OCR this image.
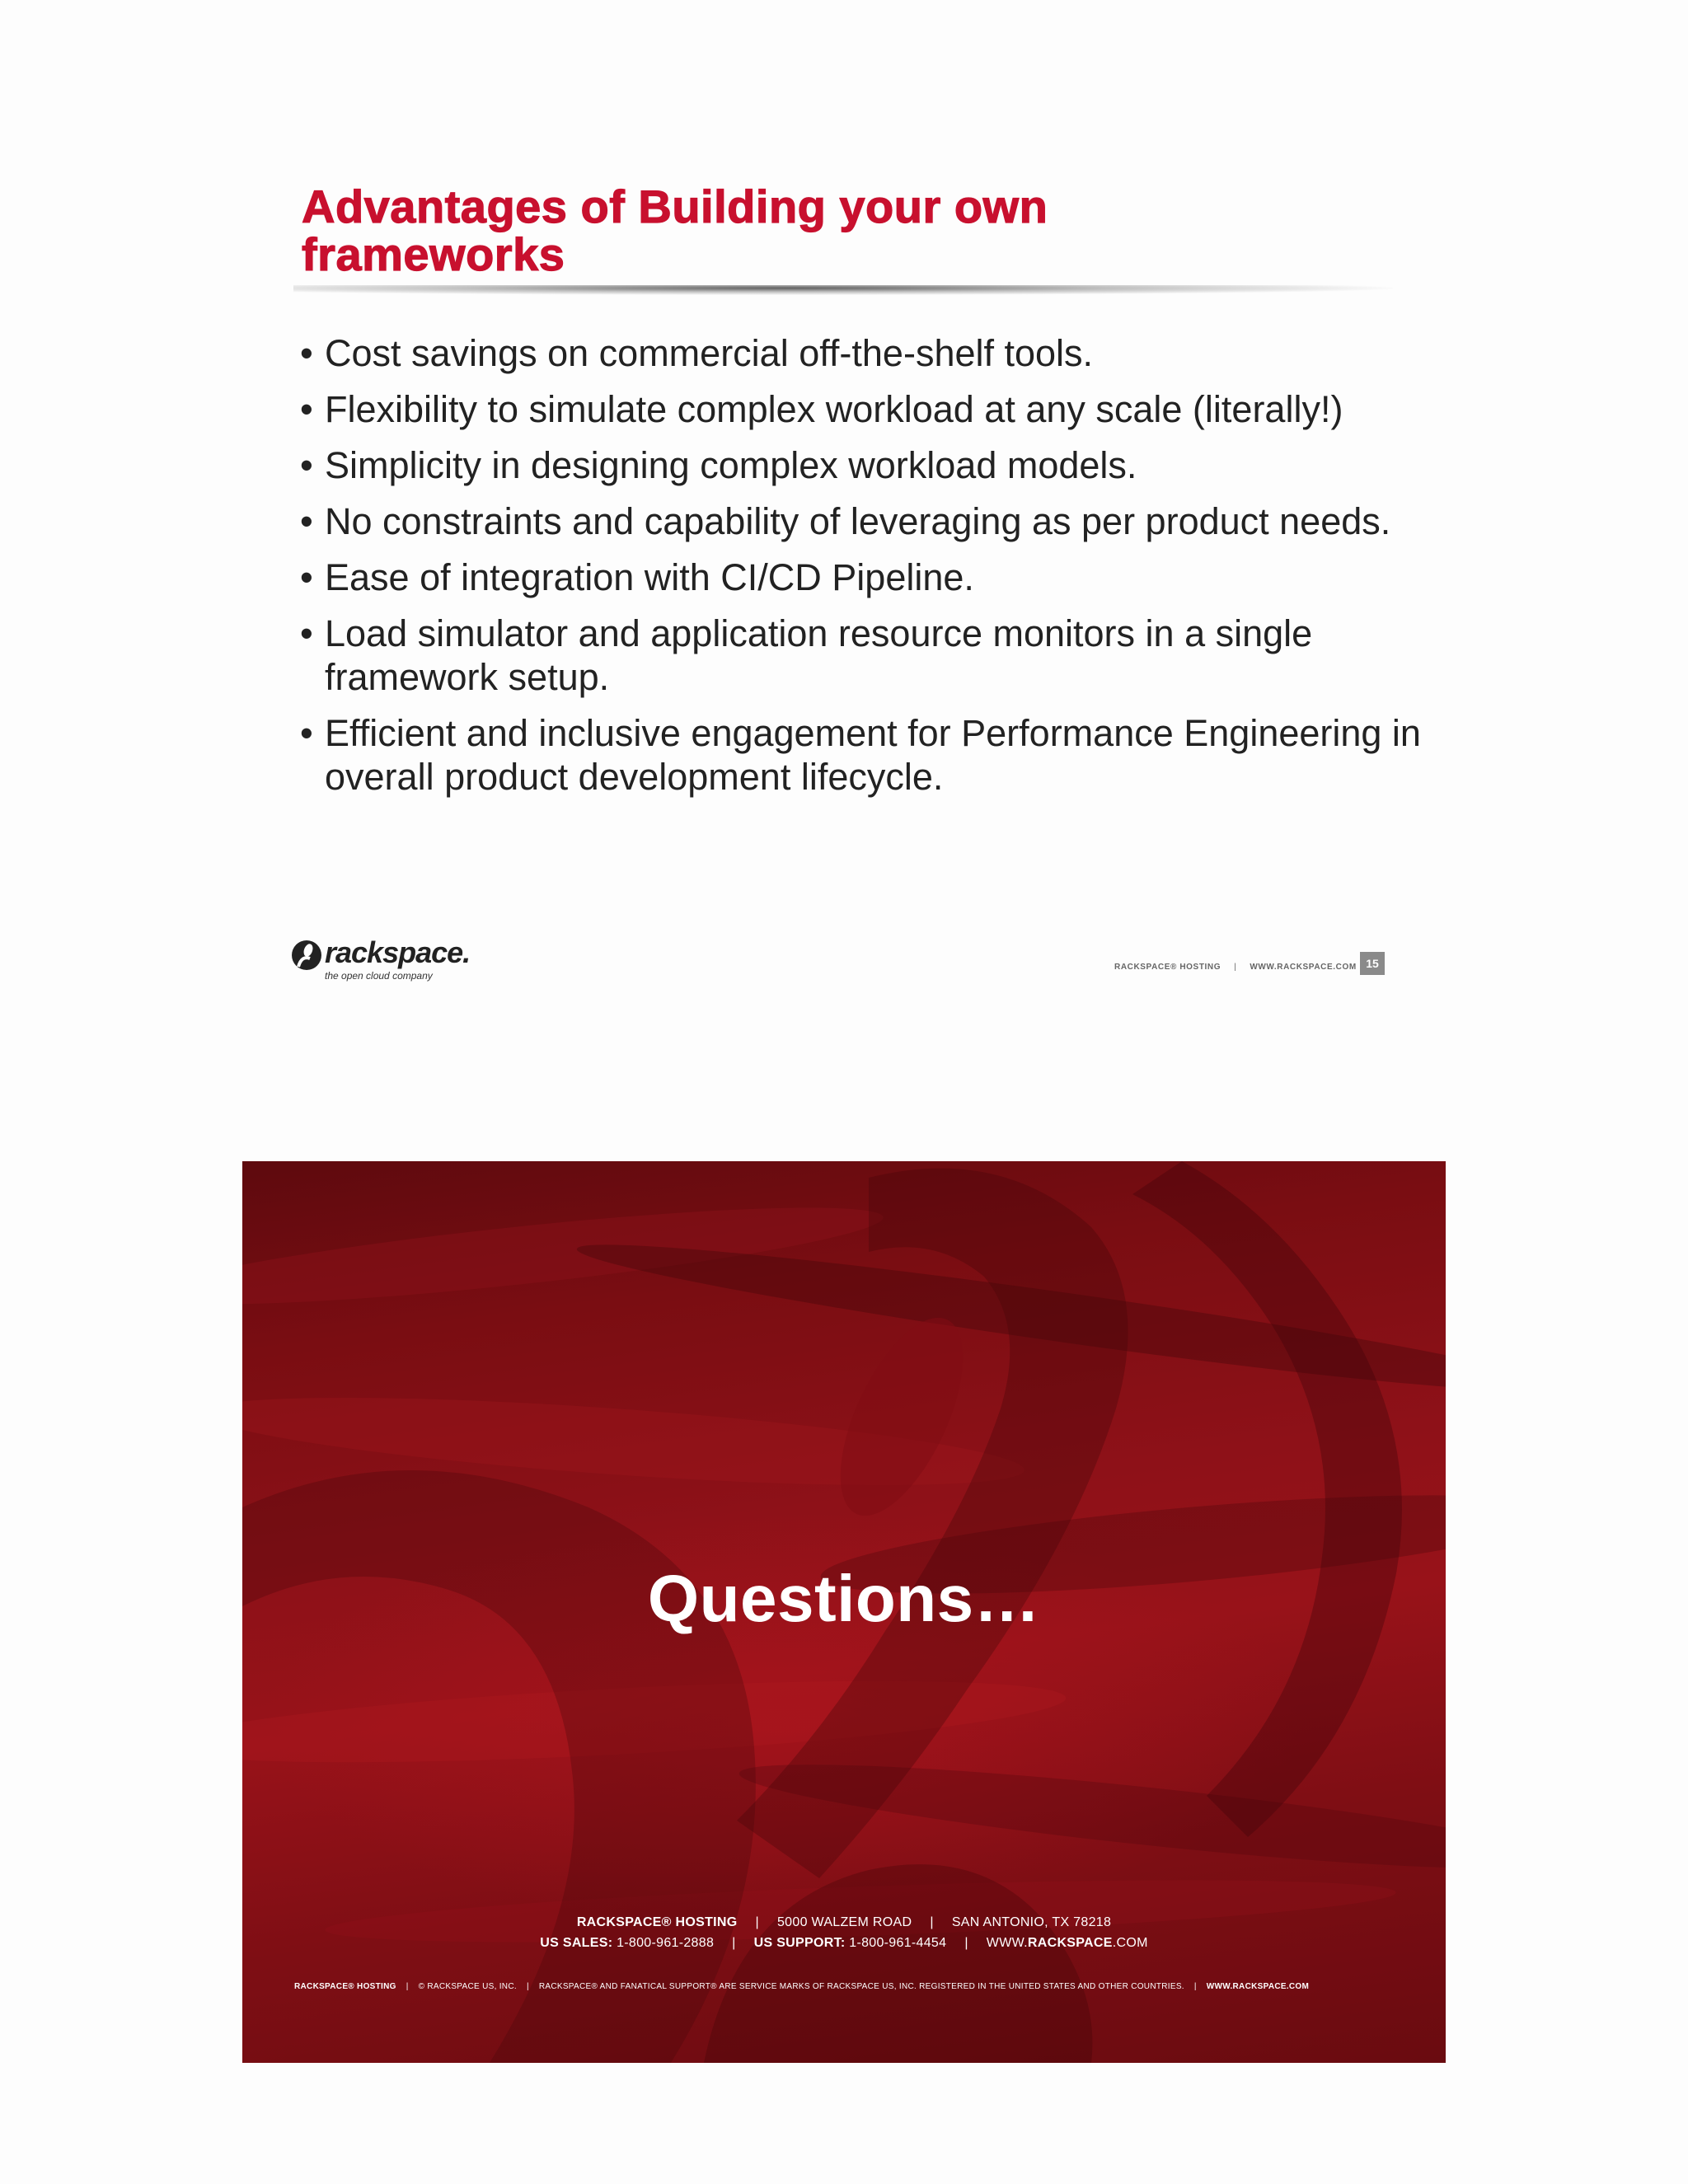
Advantages of Building your own
frameworks
• Cost savings on commercial off-the-shelf tools.
• Flexibility to simulate complex workload at any scale (literally!)
• Simplicity in designing complex workload models.
• No constraints and capability of leveraging as per product needs.
• Ease of integration with CI/CD Pipeline.
• Load simulator and application resource monitors in a single framework setup.
• Efficient and inclusive engagement for Performance Engineering in overall product development lifecycle.
rackspace.
the open cloud company
RACKSPACE® HOSTING | WWW.RACKSPACE.COM 15
Questions…
RACKSPACE® HOSTING | 5000 WALZEM ROAD | SAN ANTONIO, TX 78218
US SALES: 1-800-961-2888 | US SUPPORT: 1-800-961-4454 | WWW.RACKSPACE.COM
RACKSPACE® HOSTING | © RACKSPACE US, INC. | RACKSPACE® AND FANATICAL SUPPORT® ARE SERVICE MARKS OF RACKSPACE US, INC. REGISTERED IN THE UNITED STATES AND OTHER COUNTRIES. | WWW.RACKSPACE.COM
